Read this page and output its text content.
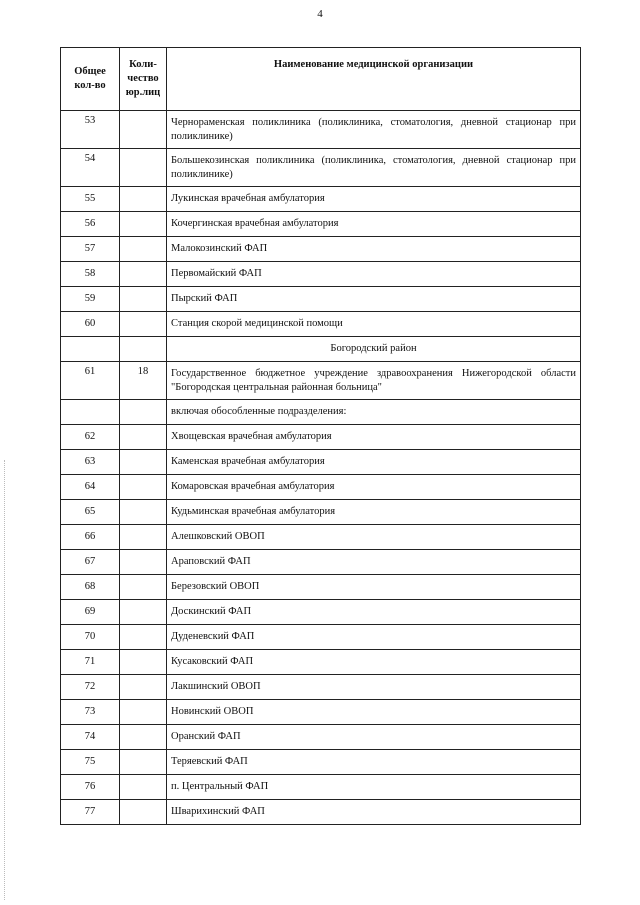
4
Общее кол-во	Коли-чество юр.лиц	Наименование медицинской организации
53		Чернораменская поликлиника (поликлиника, стоматология, дневной стационар при поликлинике)
54		Большекозинская поликлиника (поликлиника, стоматология, дневной стационар при поликлинике)
55		Лукинская врачебная амбулатория
56		Кочергинская врачебная амбулатория
57		Малокозинский ФАП
58		Первомайский ФАП
59		Пырский ФАП
60		Станция скорой медицинской помощи
		Богородский район
61	18	Государственное бюджетное учреждение здравоохранения Нижегородской области "Богородская центральная районная больница"
		включая обособленные подразделения:
62		Хвощевская врачебная амбулатория
63		Каменская врачебная амбулатория
64		Комаровская врачебная амбулатория
65		Кудьминская врачебная амбулатория
66		Алешковский ОВОП
67		Араповский ФАП
68		Березовский ОВОП
69		Доскинский ФАП
70		Дуденевский ФАП
71		Кусаковский ФАП
72		Лакшинский ОВОП
73		Новинский ОВОП
74		Оранский ФАП
75		Теряевский ФАП
76		п. Центральный ФАП
77		Шварихинский ФАП
